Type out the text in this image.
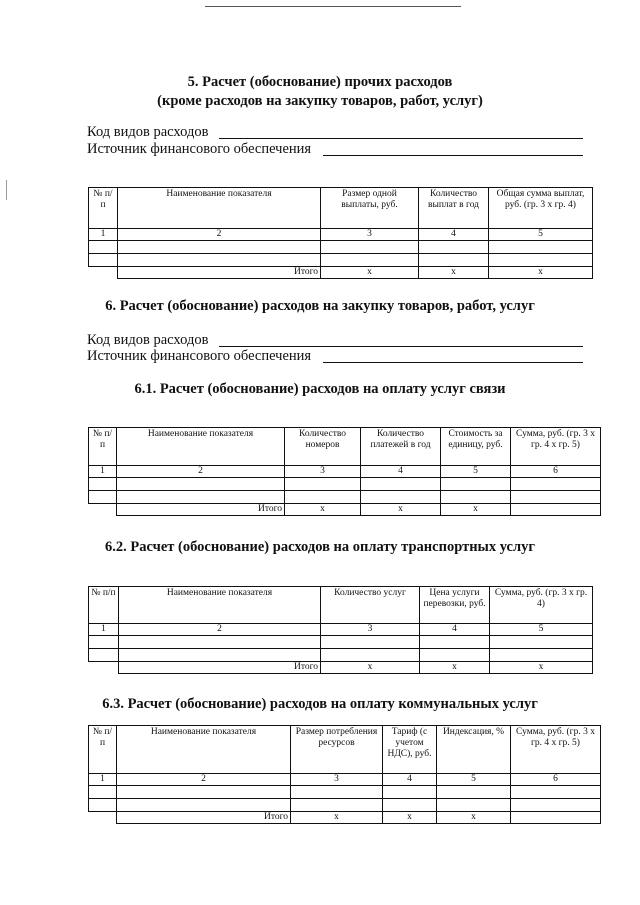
5. Расчет (обоснование) прочих расходов
(кроме расходов на закупку товаров, работ, услуг)
Код видов расходов
Источник финансового обеспечения
№ п/п	Наименование показателя	Размер одной выплаты, руб.	Количество выплат в год	Общая сумма выплат, руб. (гр. 3 х гр. 4)
1	2	3	4	5

	Итого	х	х	х
6. Расчет (обоснование) расходов на закупку товаров, работ, услуг
Код видов расходов
Источник финансового обеспечения
6.1. Расчет (обоснование) расходов на оплату услуг связи
№ п/п	Наименование показателя	Количество номеров	Количество платежей в год	Стоимость за единицу, руб.	Сумма, руб. (гр. 3 х гр. 4 х гр. 5)
1	2	3	4	5	6

	Итого	х	х	х	
6.2. Расчет (обоснование) расходов на оплату транспортных услуг
№ п/п	Наименование показателя	Количество услуг	Цена услуги перевозки, руб.	Сумма, руб. (гр. 3 х гр. 4)
1	2	3	4	5

	Итого	х	х	х
6.3. Расчет (обоснование) расходов на оплату коммунальных услуг
№ п/п	Наименование показателя	Размер потребления ресурсов	Тариф (с учетом НДС), руб.	Индексация, %	Сумма, руб. (гр. 3 х гр. 4 х гр. 5)
1	2	3	4	5	6

	Итого	х	х	х	
